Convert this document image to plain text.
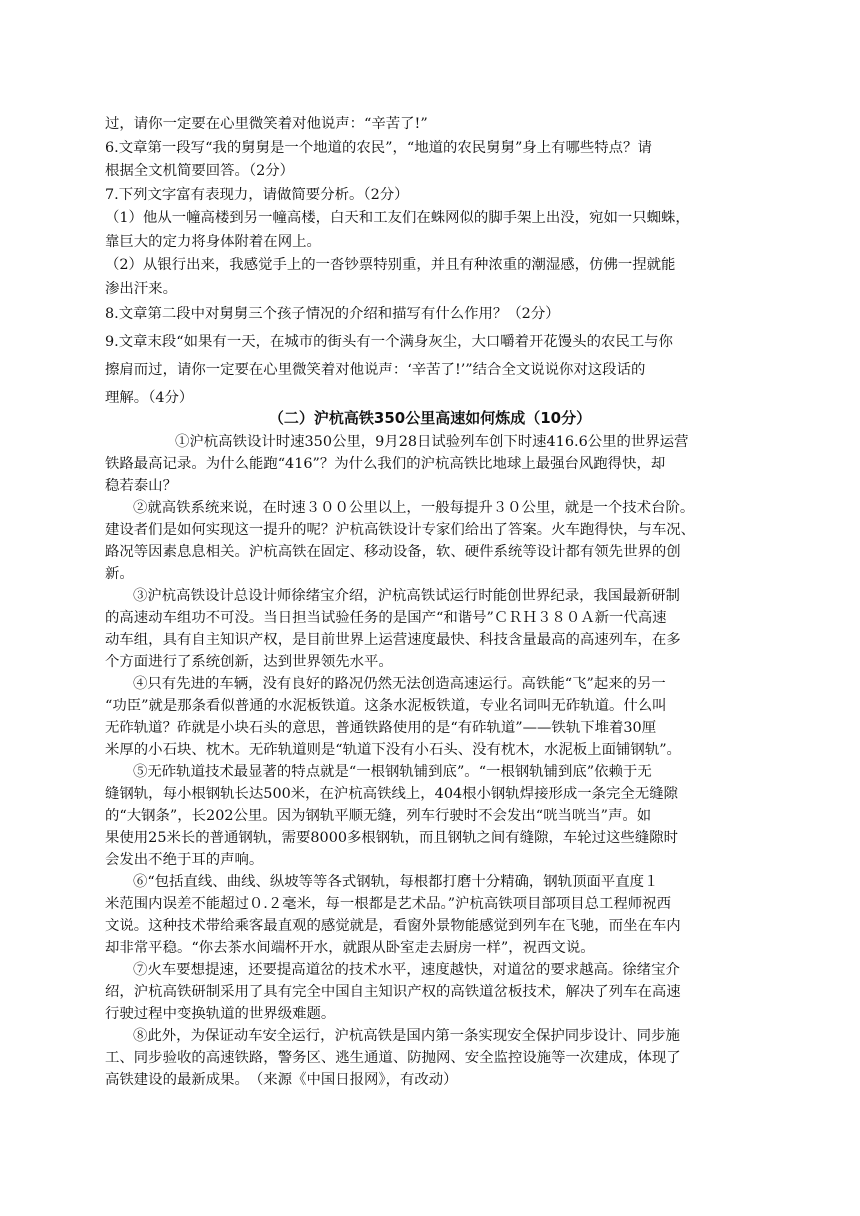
过，请你一定要在心里微笑着对他说声：“辛苦了!”
6.文章第一段写“我的舅舅是一个地道的农民”，“地道的农民舅舅”身上有哪些特点？请
根据全文机简要回答。（2分）
7.下列文字富有表现力，请做简要分析。（2分）
（1）他从一幢高楼到另一幢高楼，白天和工友们在蛛网似的脚手架上出没，宛如一只蜘蛛，
靠巨大的定力将身体附着在网上。
（2）从银行出来，我感觉手上的一沓钞票特别重，并且有种浓重的潮湿感，仿佛一捏就能
渗出汗来。
8.文章第二段中对舅舅三个孩子情况的介绍和描写有什么作用？（2分）
9.文章末段“如果有一天，在城市的街头有一个满身灰尘，大口嚼着开花馒头的农民工与你
擦肩而过，请你一定要在心里微笑着对他说声：‘辛苦了!’”结合全文说说你对这段话的
理解。（4分）
（二）沪杭高铁350公里高速如何炼成（10分）
①沪杭高铁设计时速350公里，9月28日试验列车创下时速416.6公里的世界运营
铁路最高记录。为什么能跑“416”？为什么我们的沪杭高铁比地球上最强台风跑得快，却
稳若泰山？
②就高铁系统来说，在时速３００公里以上，一般每提升３０公里，就是一个技术台阶。
建设者们是如何实现这一提升的呢？沪杭高铁设计专家们给出了答案。火车跑得快，与车况、
路况等因素息息相关。沪杭高铁在固定、移动设备，软、硬件系统等设计都有领先世界的创
新。
③沪杭高铁设计总设计师徐绪宝介绍，沪杭高铁试运行时能创世界纪录，我国最新研制
的高速动车组功不可没。当日担当试验任务的是国产“和谐号”ＣＲＨ３８０Ａ新一代高速
动车组，具有自主知识产权，是目前世界上运营速度最快、科技含量最高的高速列车，在多
个方面进行了系统创新，达到世界领先水平。
④只有先进的车辆，没有良好的路况仍然无法创造高速运行。高铁能“飞”起来的另一
“功臣”就是那条看似普通的水泥板铁道。这条水泥板铁道，专业名词叫无砟轨道。什么叫
无砟轨道？砟就是小块石头的意思，普通铁路使用的是“有砟轨道”——铁轨下堆着30厘
米厚的小石块、枕木。无砟轨道则是“轨道下没有小石头、没有枕木，水泥板上面铺钢轨”。
⑤无砟轨道技术最显著的特点就是“一根钢轨铺到底”。“一根钢轨铺到底”依赖于无
缝钢轨，每小根钢轨长达500米，在沪杭高铁线上，404根小钢轨焊接形成一条完全无缝隙
的“大钢条”，长202公里。因为钢轨平顺无缝，列车行驶时不会发出“咣当咣当”声。如
果使用25米长的普通钢轨，需要8000多根钢轨，而且钢轨之间有缝隙，车轮过这些缝隙时
会发出不绝于耳的声响。
⑥“包括直线、曲线、纵坡等等各式钢轨，每根都打磨十分精确，钢轨顶面平直度１
米范围内误差不能超过０.２毫米，每一根都是艺术品。”沪杭高铁项目部项目总工程师祝西
文说。这种技术带给乘客最直观的感觉就是，看窗外景物能感觉到列车在飞驰，而坐在车内
却非常平稳。“你去茶水间端杯开水，就跟从卧室走去厨房一样”，祝西文说。
⑦火车要想提速，还要提高道岔的技术水平，速度越快，对道岔的要求越高。徐绪宝介
绍，沪杭高铁研制采用了具有完全中国自主知识产权的高铁道岔板技术，解决了列车在高速
行驶过程中变换轨道的世界级难题。
⑧此外，为保证动车安全运行，沪杭高铁是国内第一条实现安全保护同步设计、同步施
工、同步验收的高速铁路，警务区、逃生通道、防抛网、安全监控设施等一次建成，体现了
高铁建设的最新成果。　（来源《中国日报网》，有改动）
